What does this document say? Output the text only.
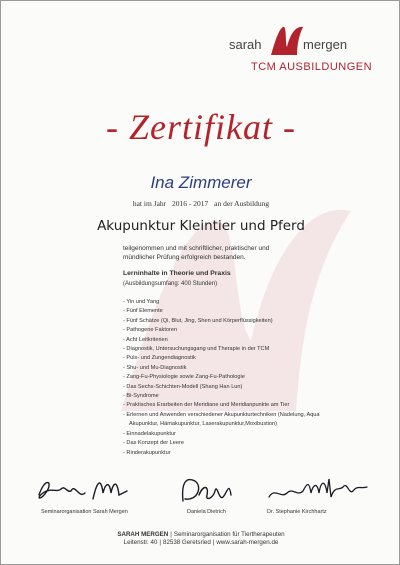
sarah	mergen
TCM AUSBILDUNGEN
- Zertifikat -
Ina Zimmerer
hat im Jahr 2016 - 2017 an der Ausbildung
Akupunktur Kleintier und Pferd
teilgenommen und mit schriftlicher, praktischer und mündlicher Prüfung erfolgreich bestanden.
Lerninhalte in Theorie und Praxis
(Ausbildungsumfang: 400 Stunden)
- Yin und Yang
- Fünf Elemente
- Fünf Schätze (Qi, Blut, Jing, Shen und Körperflüssigkeiten)
- Pathogene Faktoren
- Acht Leitkriterien
- Diagnostik, Untersuchungsgang und Therapie in der TCM
- Puls- und Zungendiagnostik
- Shu- und Mu-Diagnostik
- Zang-Fu-Physiologie sowie Zang-Fu-Pathologie
- Das Sechs-Schichten-Modell (Shang Han Lun)
- Bi-Syndrome
- Praktisches Erarbeiten der Meridiane und Meridianpunkte am Tier
- Erlernen und Anwenden verschiedener Akupunkturtechniken (Nadelung, Aqua
Akupunktur, Hämakupunktur, Laserakupunktur,Moxibustion)
- Einnadelakupunktur
- Das Konzept der Leere
- Rinderakupunktur
Seminarorganisation Sarah Mergen	Daniela Dietrich	Dr. Stephanie Kirchhartz
SARAH MERGEN | Seminarorganisation für Tiertherapeuten
Leitenstr. 40 | 82538 Geretsried | www.sarah-mergen.de
